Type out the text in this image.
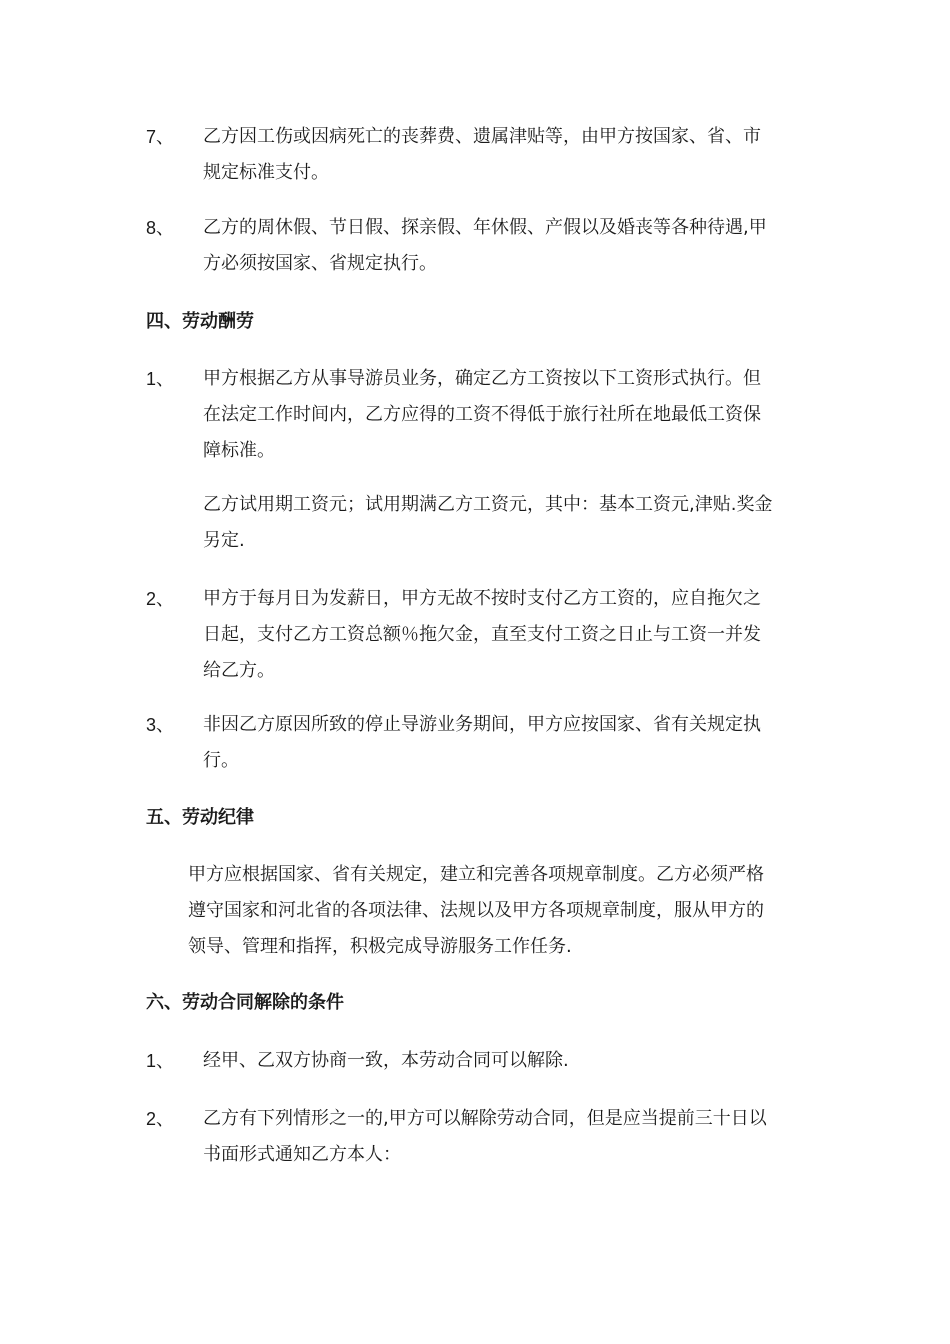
7、 乙方因工伤或因病死亡的丧葬费、遗属津贴等，由甲方按国家、省、市
规定标准支付。
8、 乙方的周休假、节日假、探亲假、年休假、产假以及婚丧等各种待遇,甲
方必须按国家、省规定执行。
四、劳动酬劳
1、 甲方根据乙方从事导游员业务，确定乙方工资按以下工资形式执行。但
在法定工作时间内，乙方应得的工资不得低于旅行社所在地最低工资保
障标准。
乙方试用期工资元；试用期满乙方工资元，其中：基本工资元,津贴.奖金
另定.
2、 甲方于每月日为发薪日，甲方无故不按时支付乙方工资的，应自拖欠之
日起，支付乙方工资总额％拖欠金，直至支付工资之日止与工资一并发
给乙方。
3、 非因乙方原因所致的停止导游业务期间，甲方应按国家、省有关规定执
行。
五、劳动纪律
甲方应根据国家、省有关规定，建立和完善各项规章制度。乙方必须严格
遵守国家和河北省的各项法律、法规以及甲方各项规章制度，服从甲方的
领导、管理和指挥，积极完成导游服务工作任务.
六、劳动合同解除的条件
1、 经甲、乙双方协商一致，本劳动合同可以解除.
2、 乙方有下列情形之一的,甲方可以解除劳动合同，但是应当提前三十日以
书面形式通知乙方本人：
